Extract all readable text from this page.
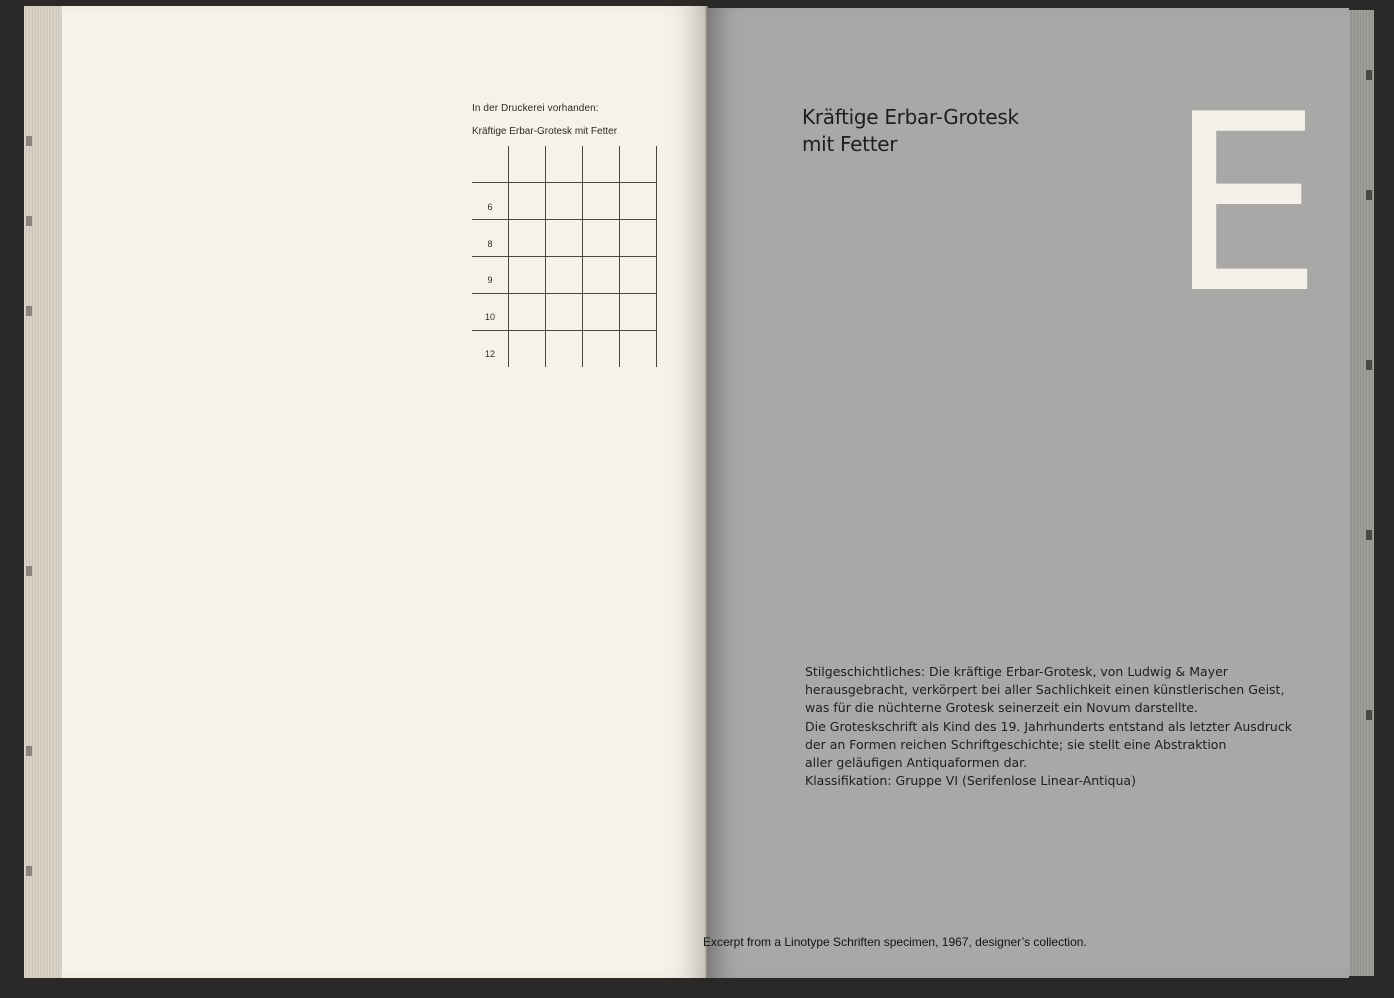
In der Druckerei vorhanden:
Kräftige Erbar-Grotesk mit Fetter
6
8
9
10
12
Kräftige Erbar-Grotesk
mit Fetter	E
Stilgeschichtliches: Die kräftige Erbar-Grotesk, von Ludwig & Mayer
herausgebracht, verkörpert bei aller Sachlichkeit einen künstlerischen Geist,
was für die nüchterne Grotesk seinerzeit ein Novum darstellte.
Die Groteskschrift als Kind des 19. Jahrhunderts entstand als letzter Ausdruck
der an Formen reichen Schriftgeschichte; sie stellt eine Abstraktion
aller geläufigen Antiquaformen dar.
Klassifikation: Gruppe VI (Serifenlose Linear-Antiqua)
Excerpt from a Linotype Schriften specimen, 1967, designer’s collection.
